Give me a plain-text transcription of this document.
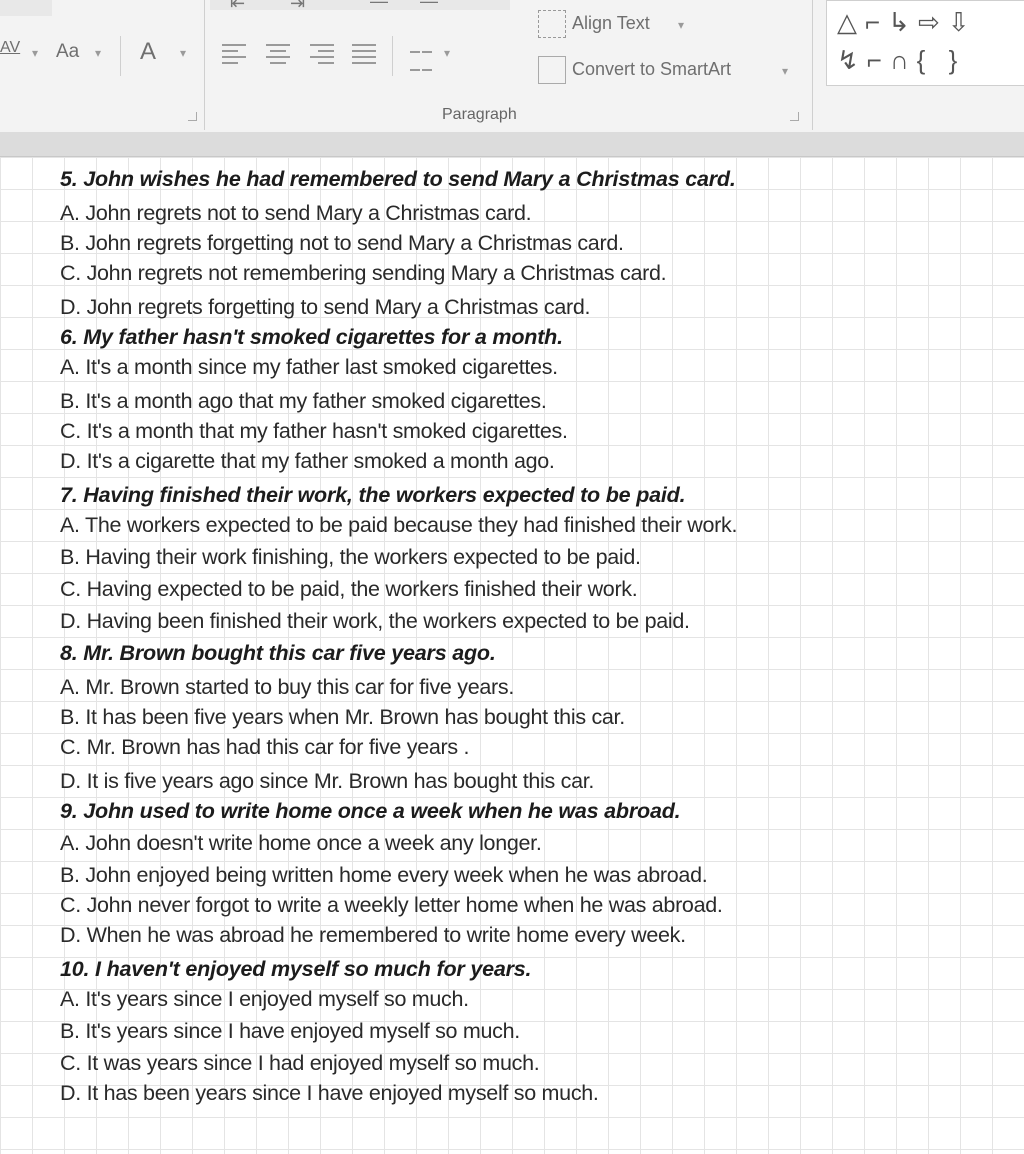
AV ▾ Aa ▾ A ▾	▾
⇤ ⇥	― ―
Align Text ▾
Convert to SmartArt	▾
Paragraph
△⌐↳⇨⇩
↯⌐∩{ }
5. John wishes he had remembered to send Mary a Christmas card.
A. John regrets not to send Mary a Christmas card.
B. John regrets forgetting not to send Mary a Christmas card.
C. John regrets not remembering sending Mary a Christmas card.
D. John regrets forgetting to send Mary a Christmas card.
6. My father hasn't smoked cigarettes for a month.
A. It's a month since my father last smoked cigarettes.
B. It's a month ago that my father smoked cigarettes.
C. It's a month that my father hasn't smoked cigarettes.
D. It's a cigarette that my father smoked a month ago.
7. Having finished their work, the workers expected to be paid.
A. The workers expected to be paid because they had finished their work.
B. Having their work finishing, the workers expected to be paid.
C. Having expected to be paid, the workers finished their work.
D. Having been finished their work, the workers expected to be paid.
8. Mr. Brown bought this car five years ago.
A. Mr. Brown started to buy this car for five years.
B. It has been five years when Mr. Brown has bought this car.
C. Mr. Brown has had this car for five years .
D. It is five years ago since Mr. Brown has bought this car.
9. John used to write home once a week when he was abroad.
A. John doesn't write home once a week any longer.
B. John enjoyed being written home every week when he was abroad.
C. John never forgot to write a weekly letter home when he was abroad.
D. When he was abroad he remembered to write home every week.
10. I haven't enjoyed myself so much for years.
A. It's years since I enjoyed myself so much.
B. It's years since I have enjoyed myself so much.
C. It was years since I had enjoyed myself so much.
D. It has been years since I have enjoyed myself so much.
